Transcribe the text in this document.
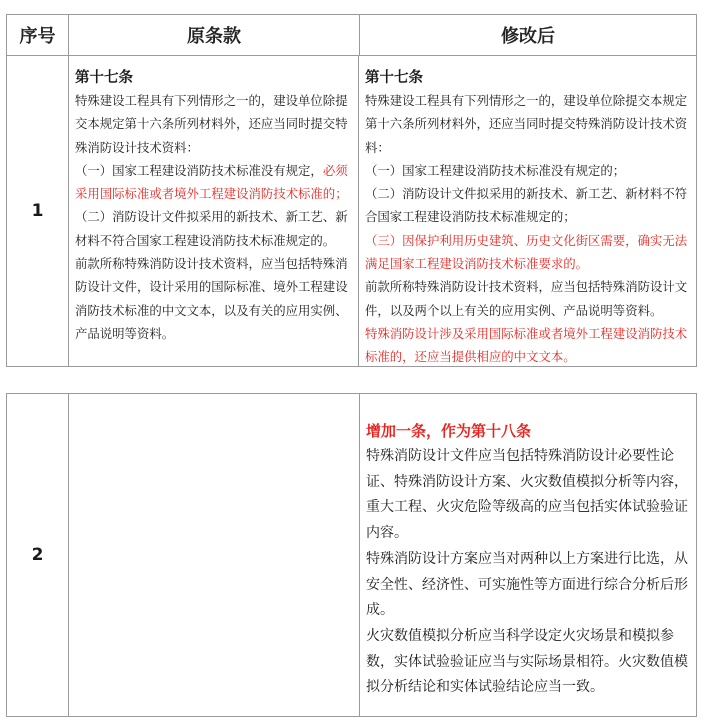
序号	原条款	修改后
1

第十七条

特殊建设工程具有下列情形之一的，建设单位除提交本规定第十六条所列材料外，还应当同时提交特殊消防设计技术资料：

（一）国家工程建设消防技术标准没有规定，必须采用国际标准或者境外工程建设消防技术标准的；

（二）消防设计文件拟采用的新技术、新工艺、新材料不符合国家工程建设消防技术标准规定的。

前款所称特殊消防设计技术资料，应当包括特殊消防设计文件，设计采用的国际标准、境外工程建设消防技术标准的中文文本，以及有关的应用实例、产品说明等资料。

第十七条

特殊建设工程具有下列情形之一的，建设单位除提交本规定第十六条所列材料外，还应当同时提交特殊消防设计技术资料：

（一）国家工程建设消防技术标准没有规定的；

（二）消防设计文件拟采用的新技术、新工艺、新材料不符合国家工程建设消防技术标准规定的；

（三）因保护利用历史建筑、历史文化街区需要，确实无法满足国家工程建设消防技术标准要求的。

前款所称特殊消防设计技术资料，应当包括特殊消防设计文件，以及两个以上有关的应用实例、产品说明等资料。

特殊消防设计涉及采用国际标准或者境外工程建设消防技术标准的，还应当提供相应的中文文本。

2

增加一条，作为第十八条

特殊消防设计文件应当包括特殊消防设计必要性论证、特殊消防设计方案、火灾数值模拟分析等内容，重大工程、火灾危险等级高的应当包括实体试验验证内容。

特殊消防设计方案应当对两种以上方案进行比选，从安全性、经济性、可实施性等方面进行综合分析后形成。

火灾数值模拟分析应当科学设定火灾场景和模拟参数，实体试验验证应当与实际场景相符。火灾数值模拟分析结论和实体试验结论应当一致。
